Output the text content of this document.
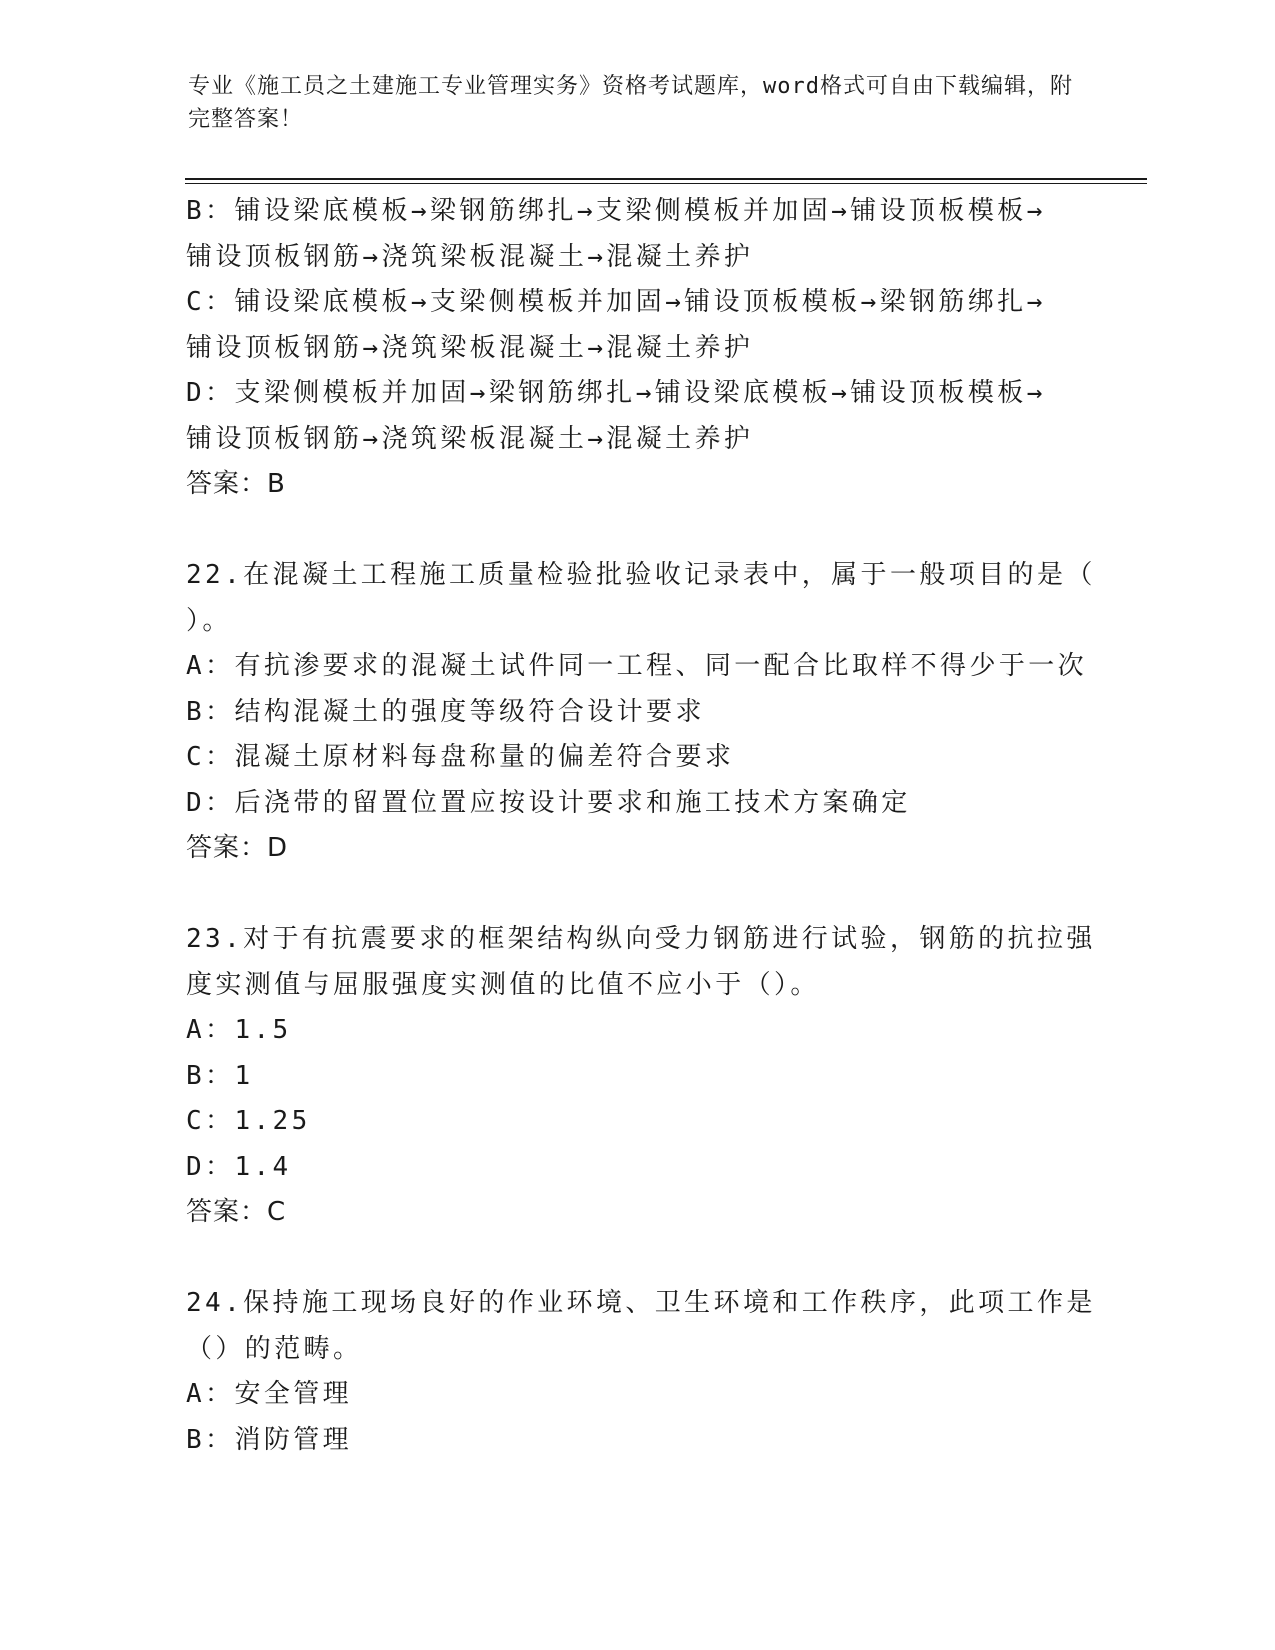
专业《施工员之土建施工专业管理实务》资格考试题库，word格式可自由下载编辑，附完整答案！
B：铺设梁底模板→梁钢筋绑扎→支梁侧模板并加固→铺设顶板模板→
铺设顶板钢筋→浇筑梁板混凝土→混凝土养护
C：铺设梁底模板→支梁侧模板并加固→铺设顶板模板→梁钢筋绑扎→
铺设顶板钢筋→浇筑梁板混凝土→混凝土养护
D：支梁侧模板并加固→梁钢筋绑扎→铺设梁底模板→铺设顶板模板→
铺设顶板钢筋→浇筑梁板混凝土→混凝土养护
答案：B
22.在混凝土工程施工质量检验批验收记录表中，属于一般项目的是（
）。
A：有抗渗要求的混凝土试件同一工程、同一配合比取样不得少于一次
B：结构混凝土的强度等级符合设计要求
C：混凝土原材料每盘称量的偏差符合要求
D：后浇带的留置位置应按设计要求和施工技术方案确定
答案：D
23.对于有抗震要求的框架结构纵向受力钢筋进行试验，钢筋的抗拉强
度实测值与屈服强度实测值的比值不应小于（）。
A：1.5
B：1
C：1.25
D：1.4
答案：C
24.保持施工现场良好的作业环境、卫生环境和工作秩序，此项工作是
（）的范畴。
A：安全管理
B：消防管理
